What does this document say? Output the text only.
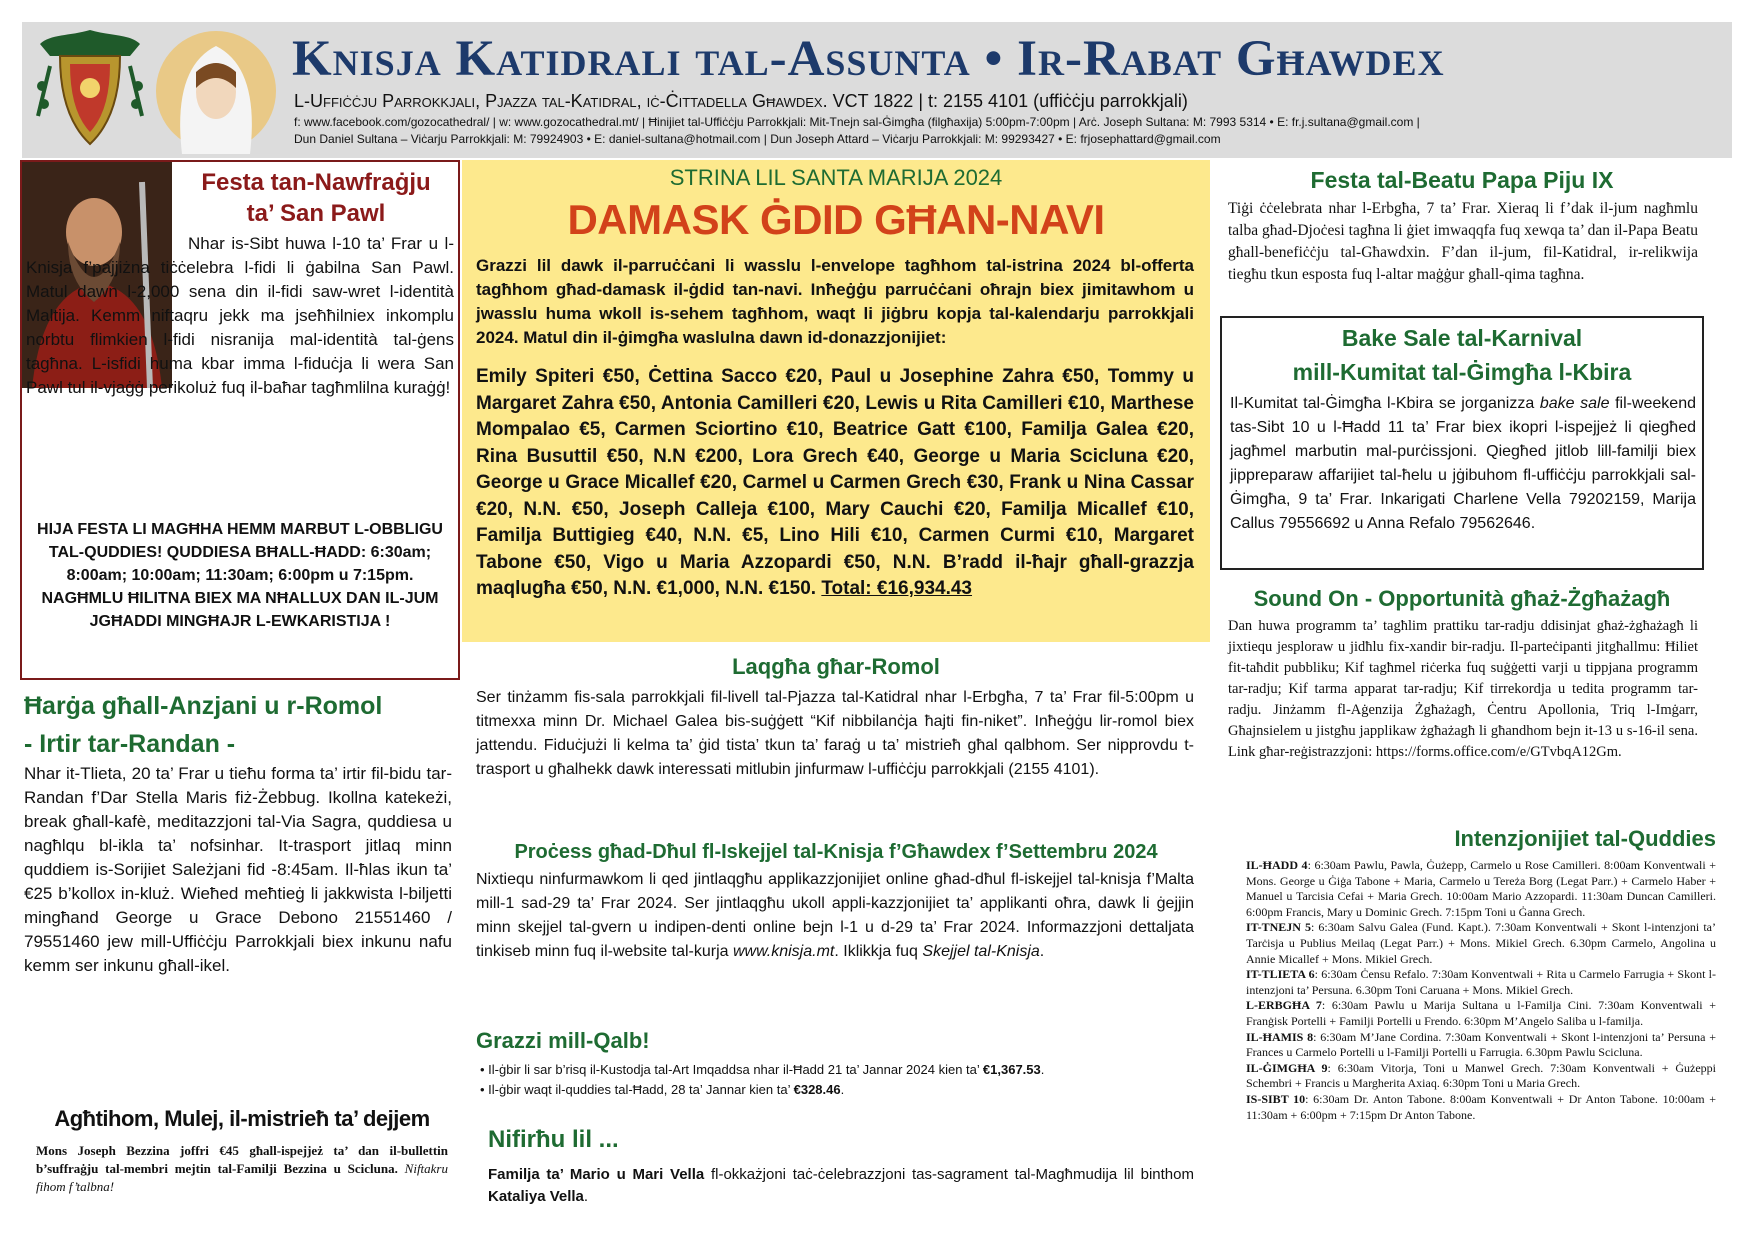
Knisja Katidrali tal-Assunta • Ir-Rabat Għawdex
L-Uffiċċju Parrokkjali, Pjazza tal-Katidral, iċ-Ċittadella Għawdex. VCT 1822 | t: 2155 4101 (uffiċċju parrokkjali)
f: www.facebook.com/gozocathedral/ | w: www.gozocathedral.mt/ | Ħinijiet tal-Uffiċċju Parrokkjali: Mit-Tnejn sal-Ġimgħa (filgħaxija) 5:00pm-7:00pm | Arċ. Joseph Sultana: M: 7993 5314 • E: fr.j.sultana@gmail.com |
Dun Daniel Sultana – Viċarju Parrokkjali: M: 79924903 • E: daniel-sultana@hotmail.com | Dun Joseph Attard – Viċarju Parrokkjali: M: 99293427 • E: frjosephattard@gmail.com
Festa tan-Nawfraġju
ta’ San Pawl
Nhar is-Sibt huwa l-10 ta’ Frar u l-Knisja f’pajjiżna tiċċelebra l-fidi li ġabilna San Pawl. Matul dawn l-2,000 sena din il-fidi saw-wret l-identità Maltija. Kemm niftaqru jekk ma jseħħilniex inkomplu norbtu flimkien l-fidi nisranija mal-identità tal-ġens tagħna. L-isfidi huma kbar imma l-fiduċja li wera San Pawl tul il-vjaġġ perikoluż fuq il-baħar tagħmlilna kuraġġ!
HIJA FESTA LI MAGĦHA HEMM MARBUT L-OBBLIGU TAL-QUDDIES! QUDDIESA BĦALL-ĦADD: 6:30am; 8:00am; 10:00am; 11:30am; 6:00pm u 7:15pm. NAGĦMLU ĦILITNA BIEX MA NĦALLUX DAN IL-JUM JGĦADDI MINGĦAJR L-EWKARISTIJA !
Ħarġa għall-Anzjani u r-Romol
- Irtir tar-Randan -
Nhar it-Tlieta, 20 ta’ Frar u tieħu forma ta’ irtir fil-bidu tar-Randan f’Dar Stella Maris fiż-Żebbug. Ikollna katekeżi, break għall-kafè, meditazzjoni tal-Via Sagra, quddiesa u nagħlqu bl-ikla ta’ nofsinhar. It-trasport jitlaq minn quddiem is-Sorijiet Sależjani fid -8:45am. Il-ħlas ikun ta’ €25 b’kollox in-kluż. Wieħed meħtieġ li jakkwista l-biljetti mingħand George u Grace Debono 21551460 / 79551460 jew mill-Uffiċċju Parrokkjali biex inkunu nafu kemm ser inkunu għall-ikel.
Agħtihom, Mulej, il-mistrieħ ta’ dejjem
Mons Joseph Bezzina joffri €45 għall-ispejjeż ta’ dan il-bullettin b’suffraġju tal-membri mejtin tal-Familji Bezzina u Scicluna. Niftakru fihom f’talbna!
STRINA LIL SANTA MARIJA 2024
DAMASK ĠDID GĦAN-NAVI
Grazzi lil dawk il-parruċċani li wasslu l-envelope tagħhom tal-istrina 2024 bl-offerta tagħhom għad-damask il-ġdid tan-navi. Inħeġġu parruċċani oħrajn biex jimitawhom u jwasslu huma wkoll is-sehem tagħhom, waqt li jiġbru kopja tal-kalendarju parrokkjali 2024. Matul din il-ġimgħa waslulna dawn id-donazzjonijiet:
Emily Spiteri €50, Ċettina Sacco €20, Paul u Josephine Zahra €50, Tommy u Margaret Zahra €50, Antonia Camilleri €20, Lewis u Rita Camilleri €10, Marthese Mompalao €5, Carmen Sciortino €10, Beatrice Gatt €100, Familja Galea €20, Rina Busuttil €50, N.N €200, Lora Grech €40, George u Maria Scicluna €20, George u Grace Micallef €20, Carmel u Carmen Grech €30, Frank u Nina Cassar €20, N.N. €50, Joseph Calleja €100, Mary Cauchi €20, Familja Micallef €10, Familja Buttigieg €40, N.N. €5, Lino Hili €10, Carmen Curmi €10, Margaret Tabone €50, Vigo u Maria Azzopardi €50, N.N. B’radd il-ħajr għall-grazzja maqlugħa €50, N.N. €1,000, N.N. €150. Total: €16,934.43
Laqgħa għar-Romol
Ser tinżamm fis-sala parrokkjali fil-livell tal-Pjazza tal-Katidral nhar l-Erbgħa, 7 ta’ Frar fil-5:00pm u titmexxa minn Dr. Michael Galea bis-suġġett “Kif nibbilanċja ħajti fin-niket”. Inħeġġu lir-romol biex jattendu. Fiduċjużi li kelma ta’ ġid tista’ tkun ta’ faraġ u ta’ mistrieħ għal qalbhom. Ser nipprovdu t-trasport u għalhekk dawk interessati mitlubin jinfurmaw l-uffiċċju parrokkjali (2155 4101).
Proċess għad-Dħul fl-Iskejjel tal-Knisja f’Għawdex f’Settembru 2024
Nixtiequ ninfurmawkom li qed jintlaqgħu applikazzjonijiet online għad-dħul fl-iskejjel tal-knisja f’Malta mill-1 sad-29 ta’ Frar 2024. Ser jintlaqgħu ukoll appli-kazzjonijiet ta’ applikanti oħra, dawk li ġejjin minn skejjel tal-gvern u indipen-denti online bejn l-1 u d-29 ta’ Frar 2024. Informazzjoni dettaljata tinkiseb minn fuq il-website tal-kurja www.knisja.mt. Iklikkja fuq Skejjel tal-Knisja.
Grazzi mill-Qalb!
• Il-ġbir li sar b’risq il-Kustodja tal-Art Imqaddsa nhar il-Ħadd 21 ta’ Jannar 2024 kien ta’ €1,367.53.
• Il-ġbir waqt il-quddies tal-Ħadd, 28 ta’ Jannar kien ta’ €328.46.
Nifirħu lil ...
Familja ta’ Mario u Mari Vella fl-okkażjoni taċ-ċelebrazzjoni tas-sagrament tal-Magħmudija lil binthom Kataliya Vella.
Festa tal-Beatu Papa Piju IX
Tiġi ċċelebrata nhar l-Erbgħa, 7 ta’ Frar. Xieraq li f’dak il-jum nagħmlu talba għad-Djoċesi tagħna li ġiet imwaqqfa fuq xewqa ta’ dan il-Papa Beatu għall-benefiċċju tal-Għawdxin. F’dan il-jum, fil-Katidral, ir-relikwija tiegħu tkun esposta fuq l-altar maġġur għall-qima tagħna.
Bake Sale tal-Karnival
mill-Kumitat tal-Ġimgħa l-Kbira
Il-Kumitat tal-Ġimgħa l-Kbira se jorganizza bake sale fil-weekend tas-Sibt 10 u l-Ħadd 11 ta’ Frar biex ikopri l-ispejjeż li qiegħed jagħmel marbutin mal-purċissjoni. Qiegħed jitlob lill-familji biex jippreparaw affarijiet tal-ħelu u jġibuhom fl-uffiċċju parrokkjali sal-Ġimgħa, 9 ta’ Frar. Inkarigati Charlene Vella 79202159, Marija Callus 79556692 u Anna Refalo 79562646.
Sound On - Opportunità għaż-Żgħażagħ
Dan huwa programm ta’ tagħlim prattiku tar-radju ddisinjat għaż-żgħażagħ li jixtiequ jesploraw u jidħlu fix-xandir bir-radju. Il-parteċipanti jitgħallmu: Ħiliet fit-taħdit pubbliku; Kif tagħmel riċerka fuq suġġetti varji u tippjana programm tar-radju; Kif tarma apparat tar-radju; Kif tirrekordja u tedita programm tar-radju. Jinżamm fl-Aġenzija Żgħażagħ, Ċentru Apollonia, Triq l-Imġarr, Għajnsielem u jistgħu japplikaw żgħażagħ li għandhom bejn it-13 u s-16-il sena. Link għar-reġistrazzjoni: https://forms.office.com/e/GTvbqA12Gm.
Intenzjonijiet tal-Quddies
IL-ĦADD 4: 6:30am Pawlu, Pawla, Ġużepp, Carmelo u Rose Camilleri. 8:00am Konventwali + Mons. George u Ġiġa Tabone + Maria, Carmelo u Tereża Borg (Legat Parr.) + Carmelo Haber + Manuel u Tarcisia Cefai + Maria Grech. 10:00am Mario Azzopardi. 11:30am Duncan Camilleri. 6:00pm Francis, Mary u Dominic Grech. 7:15pm Toni u Ġanna Grech.
IT-TNEJN 5: 6:30am Salvu Galea (Fund. Kapt.). 7:30am Konventwali + Skont l-intenzjoni ta’ Tarċisja u Publius Meilaq (Legat Parr.) + Mons. Mikiel Grech. 6.30pm Carmelo, Angolina u Annie Micallef + Mons. Mikiel Grech.
IT-TLIETA 6: 6:30am Ċensu Refalo. 7:30am Konventwali + Rita u Carmelo Farrugia + Skont l-intenzjoni ta’ Persuna. 6.30pm Toni Caruana + Mons. Mikiel Grech.
L-ERBGĦA 7: 6:30am Pawlu u Marija Sultana u l-Familja Cini. 7:30am Konventwali + Franġisk Portelli + Familji Portelli u Frendo. 6:30pm M’Angelo Saliba u l-familja.
IL-ĦAMIS 8: 6:30am M’Jane Cordina. 7:30am Konventwali + Skont l-intenzjoni ta’ Persuna + Frances u Carmelo Portelli u l-Familji Portelli u Farrugia. 6.30pm Pawlu Scicluna.
IL-ĠIMGĦA 9: 6:30am Vitorja, Toni u Manwel Grech. 7:30am Konventwali + Ġużeppi Schembri + Francis u Margherita Axiaq. 6:30pm Toni u Maria Grech.
IS-SIBT 10: 6:30am Dr. Anton Tabone. 8:00am Konventwali + Dr Anton Tabone. 10:00am + 11:30am + 6:00pm + 7:15pm Dr Anton Tabone.
